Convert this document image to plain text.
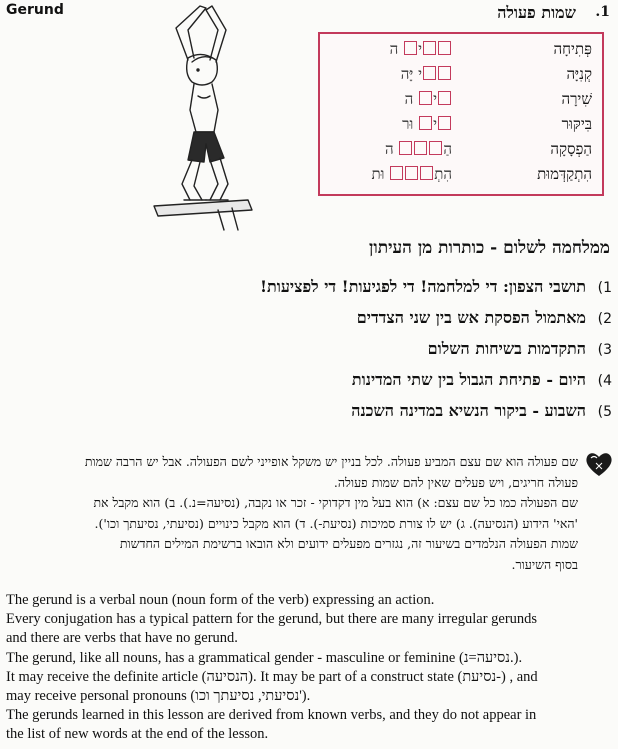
Gerund	1.
שמות פעולה
פְּתִיחָה
י ה
קְנִיָּה
י יָּה
שִׁירָה
י ה
בִּיקּוּר
י וּר
הַפְסָקָה
הַ ה
הִתְקַדְּמוּת
הִתְ וּת
ממלחמה לשלום - כותרות מן העיתון
1)
תושבי הצפון: די למלחמה! די לפגיעות! די לפציעות!
2)
מאתמול הפסקת אש בין שני הצדדים
3)
התקדמות בשיחות השלום
4)
היום - פתיחת הגבול בין שתי המדינות
5)
השבוע - ביקור הנשיא במדינה השכנה

שם פעולה הוא שם עצם המביע פעולה. לכל בניין יש משקל אופייני לשם הפעולה. אבל יש הרבה שמות

פעולה חריגים, ויש פעלים שאין להם שמות פעולה.

שם הפעולה כמו כל שם עצם: א) הוא בעל מין דקדוקי - זכר או נקבה, (נסיעה=נ.). ב) הוא מקבל את

'האי' הידוע (הנסיעה). ג) יש לו צורת סמיכות (נסיעת-). ד) הוא מקבל כינויים (נסיעתי, נסיעתך וכו').

שמות הפעולה הנלמדים בשיעור זה, נגזרים מפעלים ידועים ולא הובאו ברשימת המילים החדשות

בסוף השיעור.

The gerund is a verbal noun (noun form of the verb) expressing an action.

Every conjugation has a typical pattern for the gerund, but there are many irregular gerunds

and there are verbs that have no gerund.

The gerund, like all nouns, has a grammatical gender - masculine or feminine (נסיעה=נ.).

It may receive the definite article (הנסיעה). It may be part of a construct state (נסיעת-) , and

may receive personal pronouns (נסיעתי, נסיעתך וכו').

The gerunds learned in this lesson are derived from known verbs, and they do not appear in

the list of new words at the end of the lesson.
